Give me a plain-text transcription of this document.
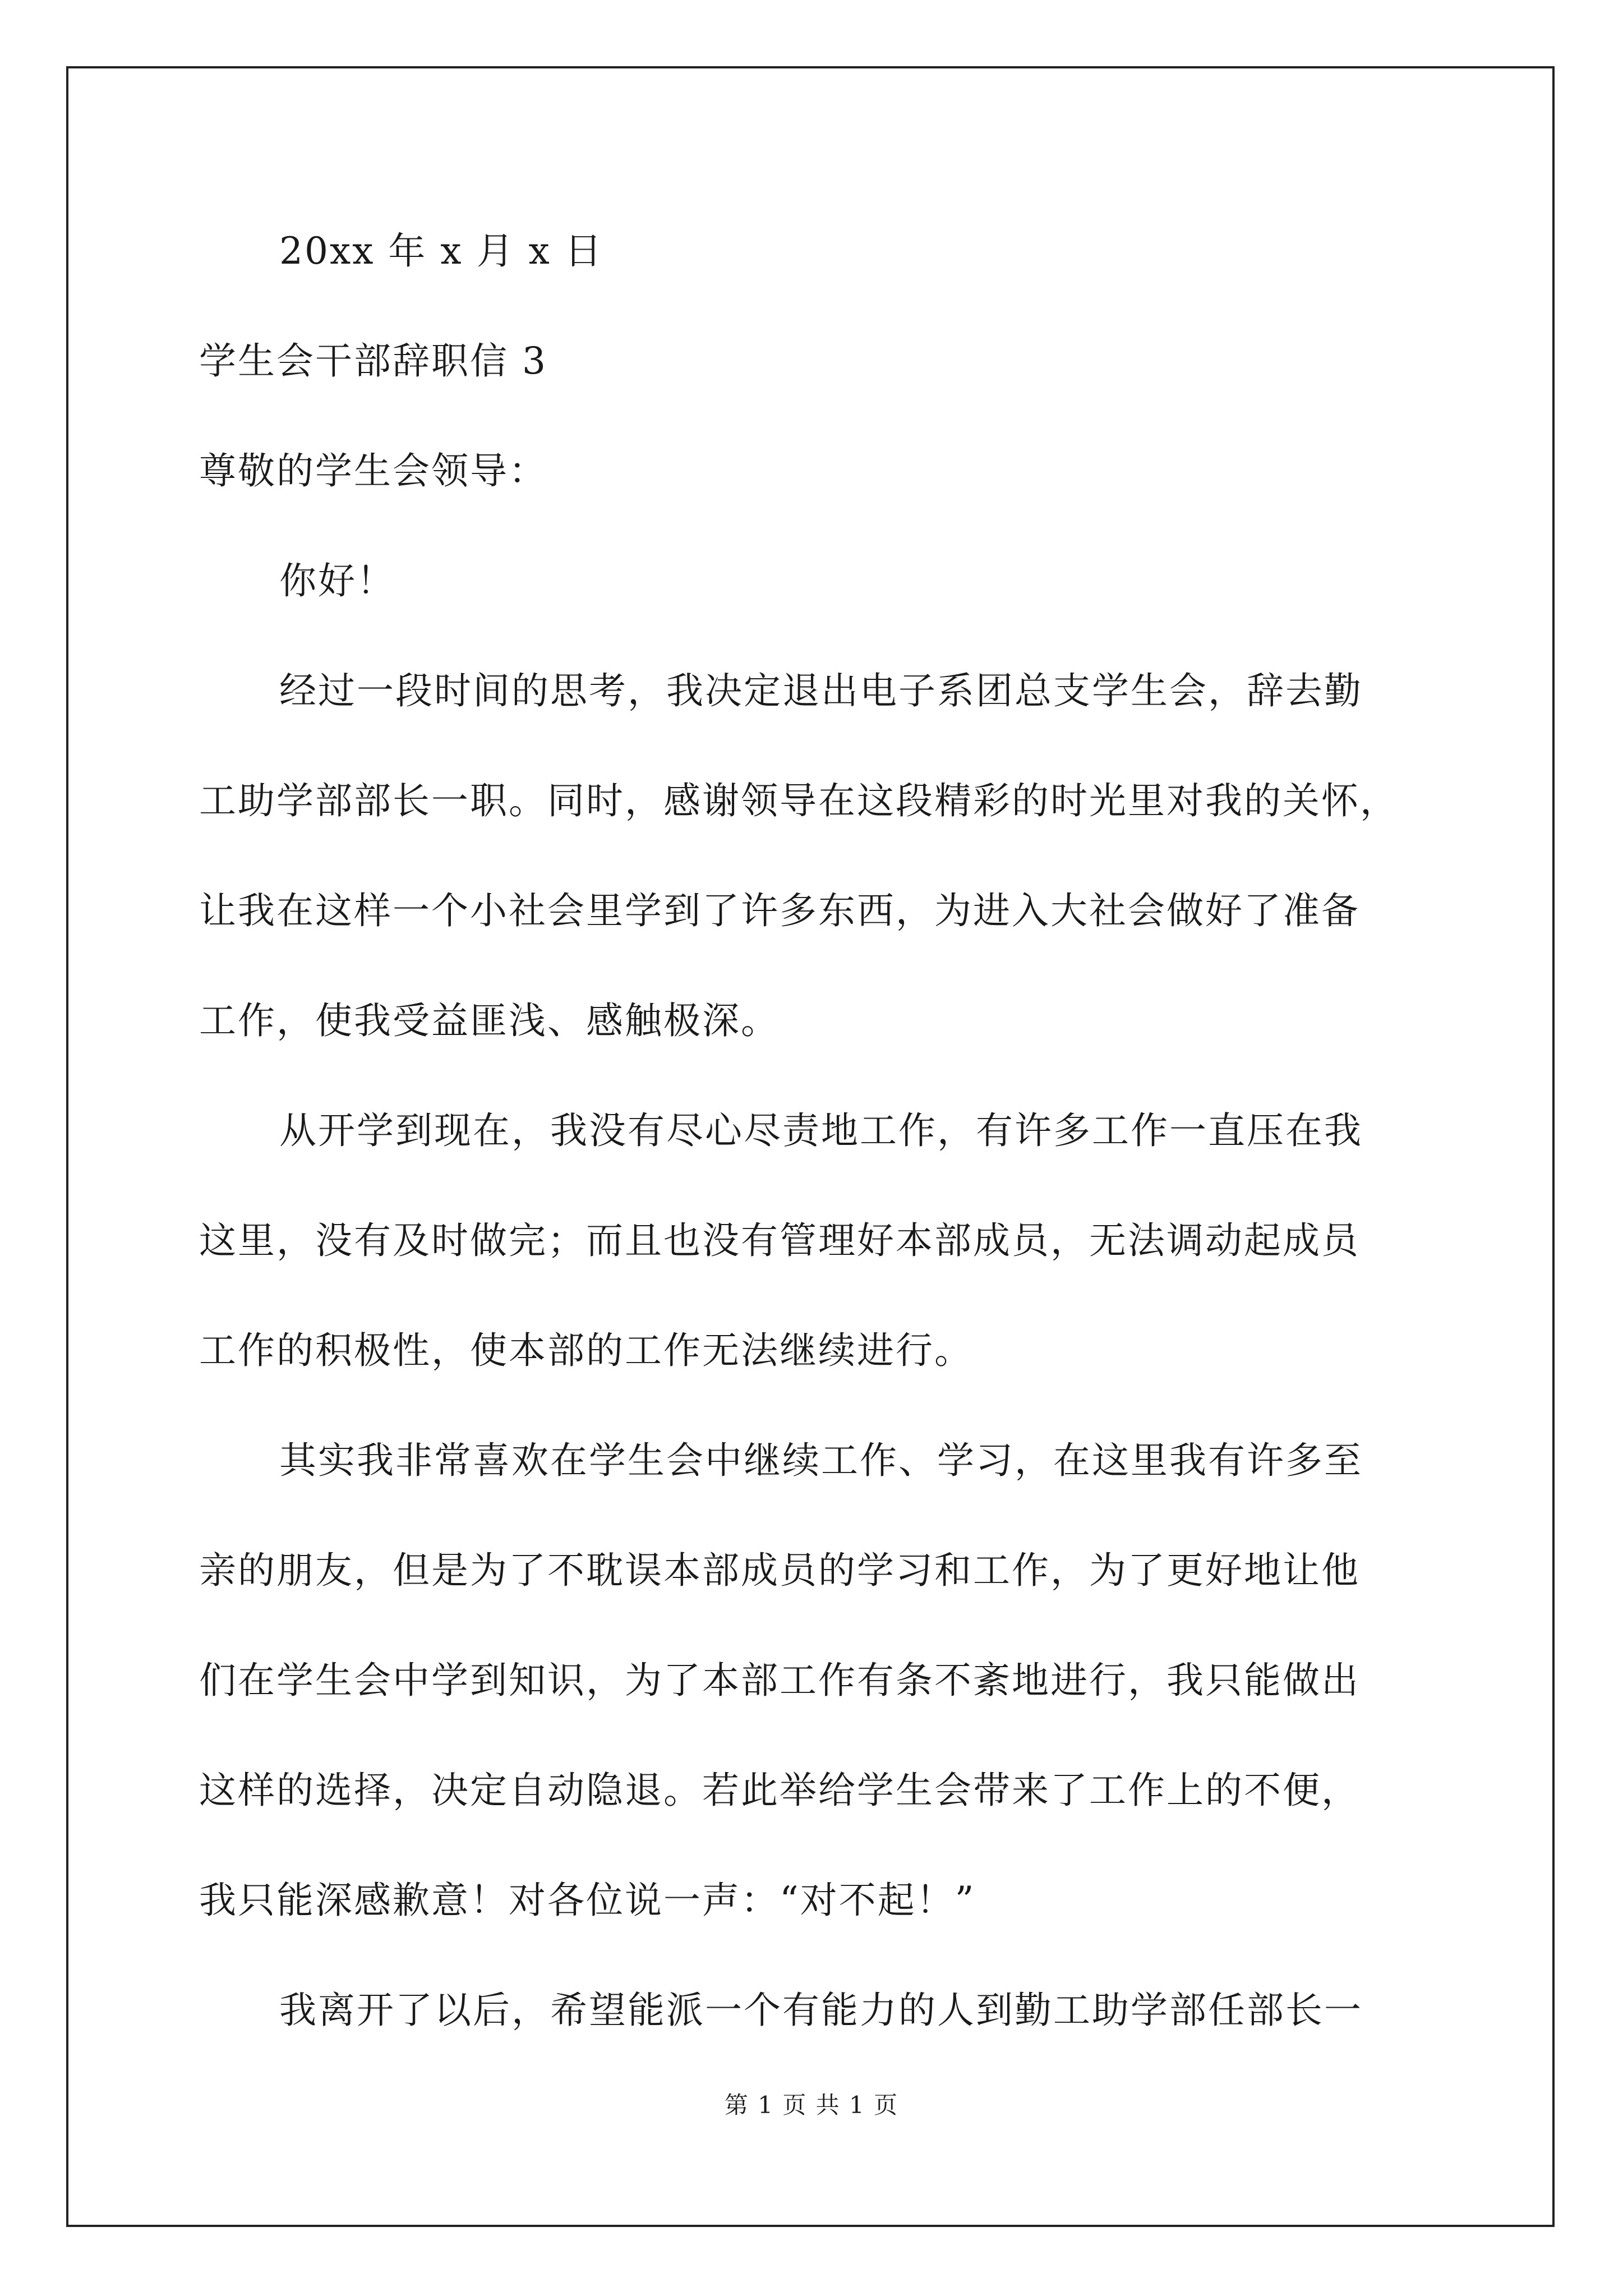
20xx 年 x 月 x 日
学生会干部辞职信 3
尊敬的学生会领导：
你好！
经过一段时间的思考，我决定退出电子系团总支学生会，辞去勤
工助学部部长一职。同时，感谢领导在这段精彩的时光里对我的关怀，
让我在这样一个小社会里学到了许多东西，为进入大社会做好了准备
工作，使我受益匪浅、感触极深。
从开学到现在，我没有尽心尽责地工作，有许多工作一直压在我
这里，没有及时做完；而且也没有管理好本部成员，无法调动起成员
工作的积极性，使本部的工作无法继续进行。
其实我非常喜欢在学生会中继续工作、学习，在这里我有许多至
亲的朋友，但是为了不耽误本部成员的学习和工作，为了更好地让他
们在学生会中学到知识，为了本部工作有条不紊地进行，我只能做出
这样的选择，决定自动隐退。若此举给学生会带来了工作上的不便，
我只能深感歉意！对各位说一声：“对不起！”
我离开了以后，希望能派一个有能力的人到勤工助学部任部长一
第 1 页 共 1 页
